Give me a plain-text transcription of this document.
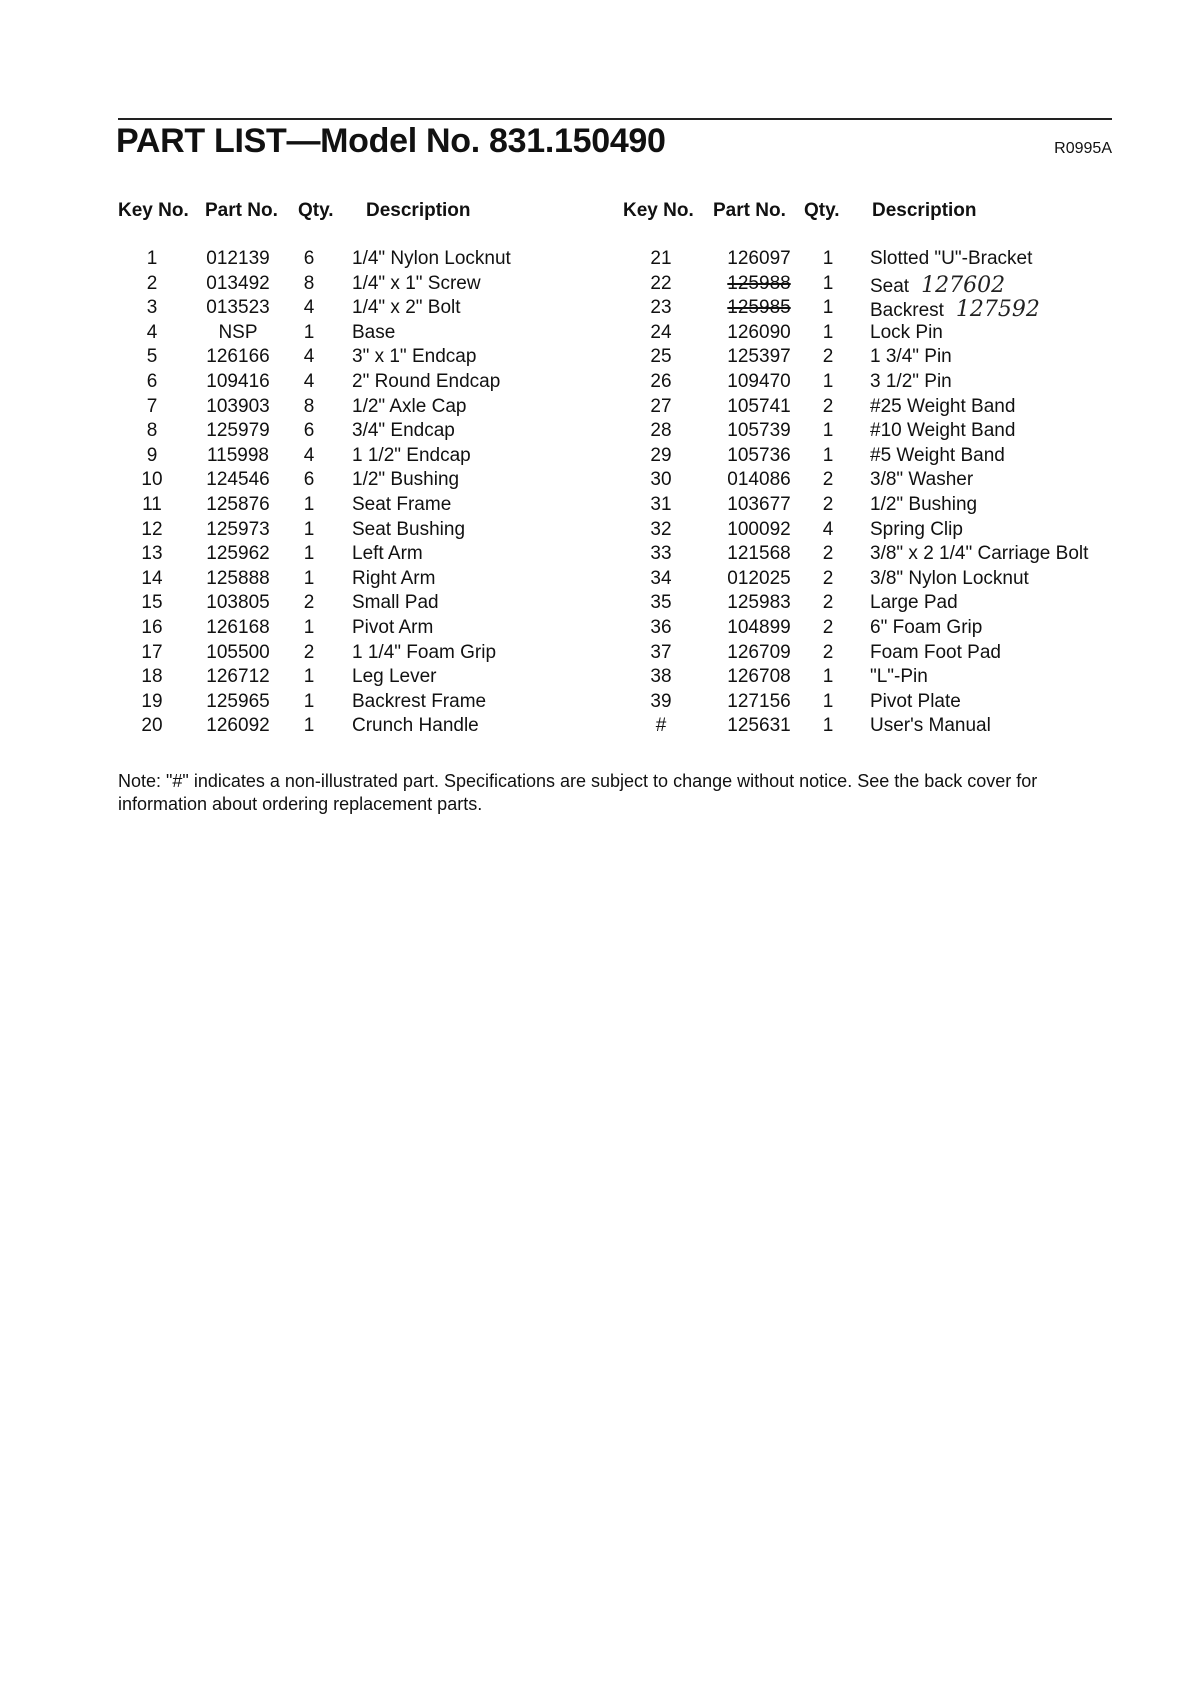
PART LIST—Model No. 831.150490	R0995A
Key No. Part No. Qty. Description	Key No. Part No. Qty. Description
1	012139	6 1/4" Nylon Locknut
2	013492	8 1/4" x 1" Screw
3	013523	4 1/4" x 2" Bolt
4	NSP	1 Base
5	126166	4 3" x 1" Endcap
6	109416	4 2" Round Endcap
7	103903	8 1/2" Axle Cap
8	125979	6 3/4" Endcap
9	115998	4 1 1/2" Endcap
10	124546	6 1/2" Bushing
11	125876	1 Seat Frame
12	125973	1 Seat Bushing
13	125962	1 Left Arm
14	125888	1 Right Arm
15	103805	2 Small Pad
16	126168	1 Pivot Arm
17	105500	2 1 1/4" Foam Grip
18	126712	1 Leg Lever
19	125965	1 Backrest Frame
20	126092	1 Crunch Handle
21	126097	1 Slotted "U"-Bracket
22	125988	1 Seat 127602
23	125985	1 Backrest 127592
24	126090	1 Lock Pin
25	125397	2 1 3/4" Pin
26	109470	1 3 1/2" Pin
27	105741	2 #25 Weight Band
28	105739	1 #10 Weight Band
29	105736	1 #5 Weight Band
30	014086	2 3/8" Washer
31	103677	2 1/2" Bushing
32	100092	4 Spring Clip
33	121568	2 3/8" x 2 1/4" Carriage Bolt
34	012025	2 3/8" Nylon Locknut
35	125983	2 Large Pad
36	104899	2 6" Foam Grip
37	126709	2 Foam Foot Pad
38	126708	1 "L"-Pin
39	127156	1 Pivot Plate
#	125631	1 User's Manual
Note: "#" indicates a non-illustrated part. Specifications are subject to change without notice. See the back cover for information about ordering replacement parts.
